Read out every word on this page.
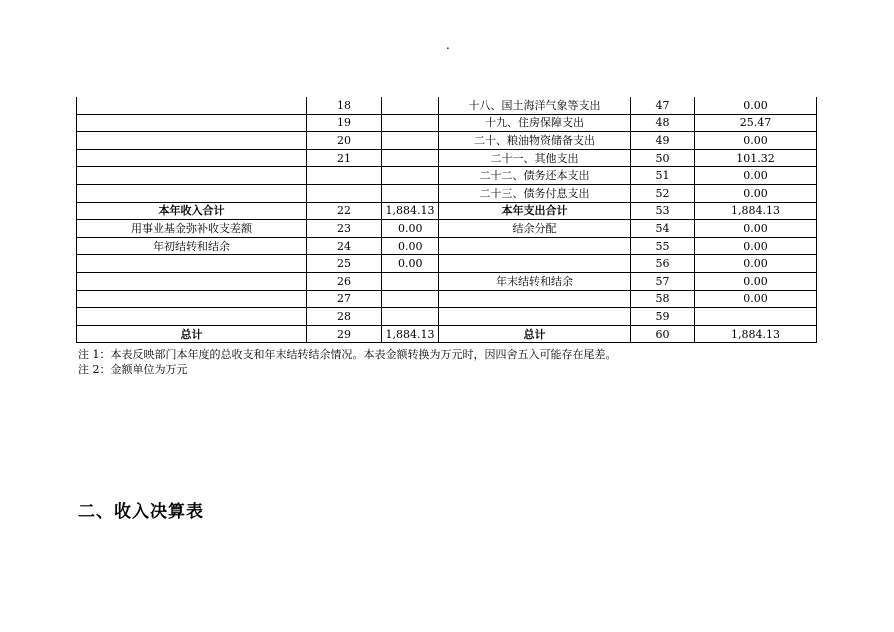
.
	18		十八、国土海洋气象等支出	47	0.00
	19		十九、住房保障支出	48	25.47
	20		二十、粮油物资储备支出	49	0.00
	21		二十一、其他支出	50	101.32
			二十二、债务还本支出	51	0.00
			二十三、债务付息支出	52	0.00
本年收入合计	22	1,884.13	本年支出合计	53	1,884.13
用事业基金弥补收支差额	23	0.00	结余分配	54	0.00
年初结转和结余	24	0.00		55	0.00
	25	0.00		56	0.00
	26		年末结转和结余	57	0.00
	27			58	0.00
	28			59	
总计	29	1,884.13	总计	60	1,884.13
注 1：本表反映部门本年度的总收支和年末结转结余情况。本表金额转换为万元时，因四舍五入可能存在尾差。
注 2：金额单位为万元
二、收入决算表
